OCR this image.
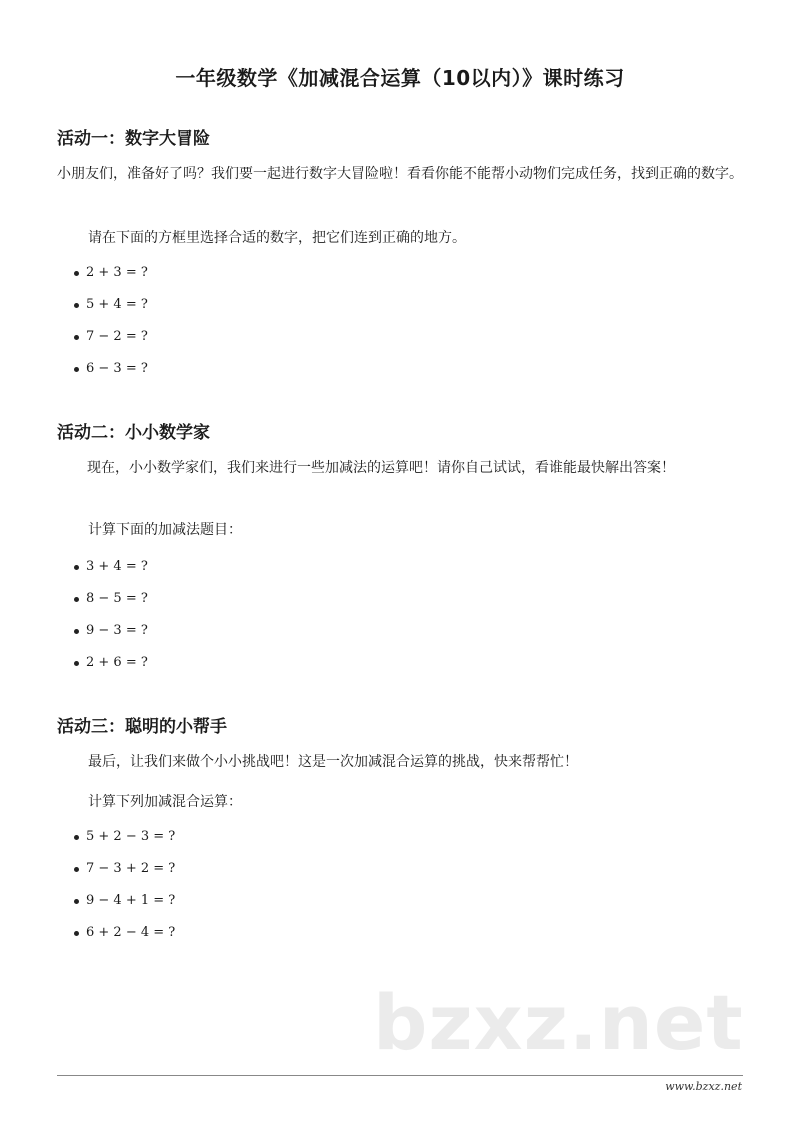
一年级数学《加减混合运算（10以内）》课时练习
活动一：数字大冒险
小朋友们，准备好了吗？我们要一起进行数字大冒险啦！看看你能不能帮小动物们完成任务，找到正确的数字。
请在下面的方框里选择合适的数字，把它们连到正确的地方。
2 + 3 = ?
5 + 4 = ?
7 − 2 = ?
6 − 3 = ?
活动二：小小数学家
现在，小小数学家们，我们来进行一些加减法的运算吧！请你自己试试，看谁能最快解出答案！
计算下面的加减法题目：
3 + 4 = ?
8 − 5 = ?
9 − 3 = ?
2 + 6 = ?
活动三：聪明的小帮手
最后，让我们来做个小小挑战吧！这是一次加减混合运算的挑战，快来帮帮忙！
计算下列加减混合运算：
5 + 2 − 3 = ?
7 − 3 + 2 = ?
9 − 4 + 1 = ?
6 + 2 − 4 = ?
bzxz.net
www.bzxz.net
